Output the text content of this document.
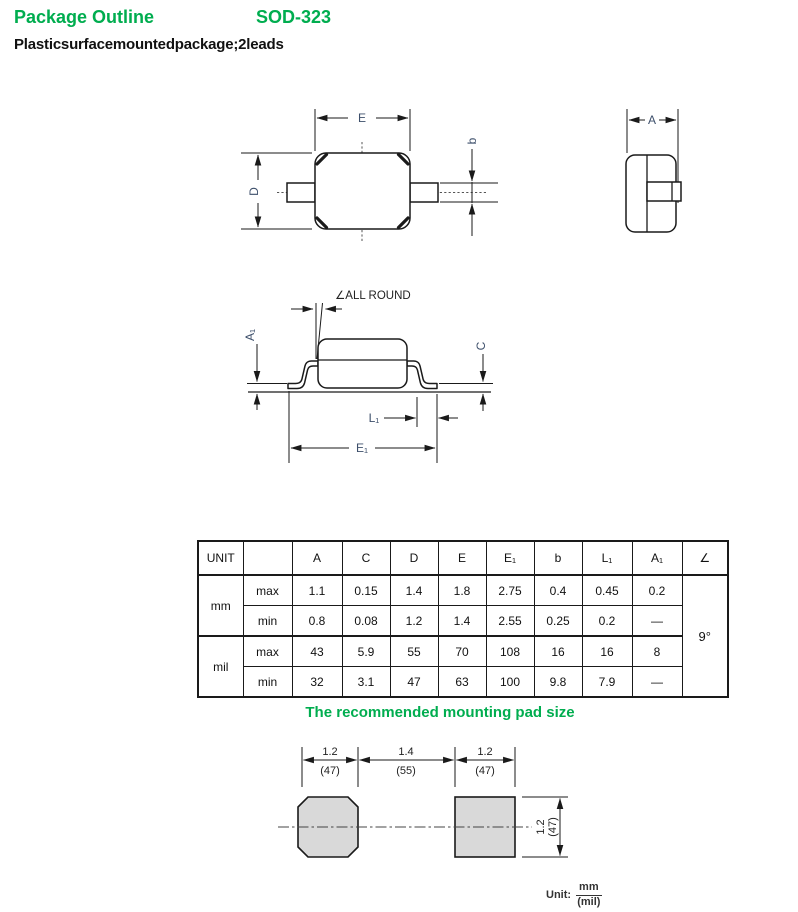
Package Outline	SOD-323
Plastic surface mounted package; 2 leads
E
D
b
A
∠ALL ROUND
A₁
C
L₁
E₁
UNIT		A	C	D	E	E₁	b	L₁	A₁	∠
mm	max	1.1	0.15	1.4	1.8	2.75	0.4	0.45	0.2	9°
	min	0.8	0.08	1.2	1.4	2.55	0.25	0.2	—	
mil	max	43	5.9	55	70	108	16	16	8	
	min	32	3.1	47	63	100	9.8	7.9	—	
The recommended mounting pad size
1.2
(47)
1.4
(55)
1.2
(47)
1.2 (47)
Unit: $\frac{mm}{\text{(mil)}}$
